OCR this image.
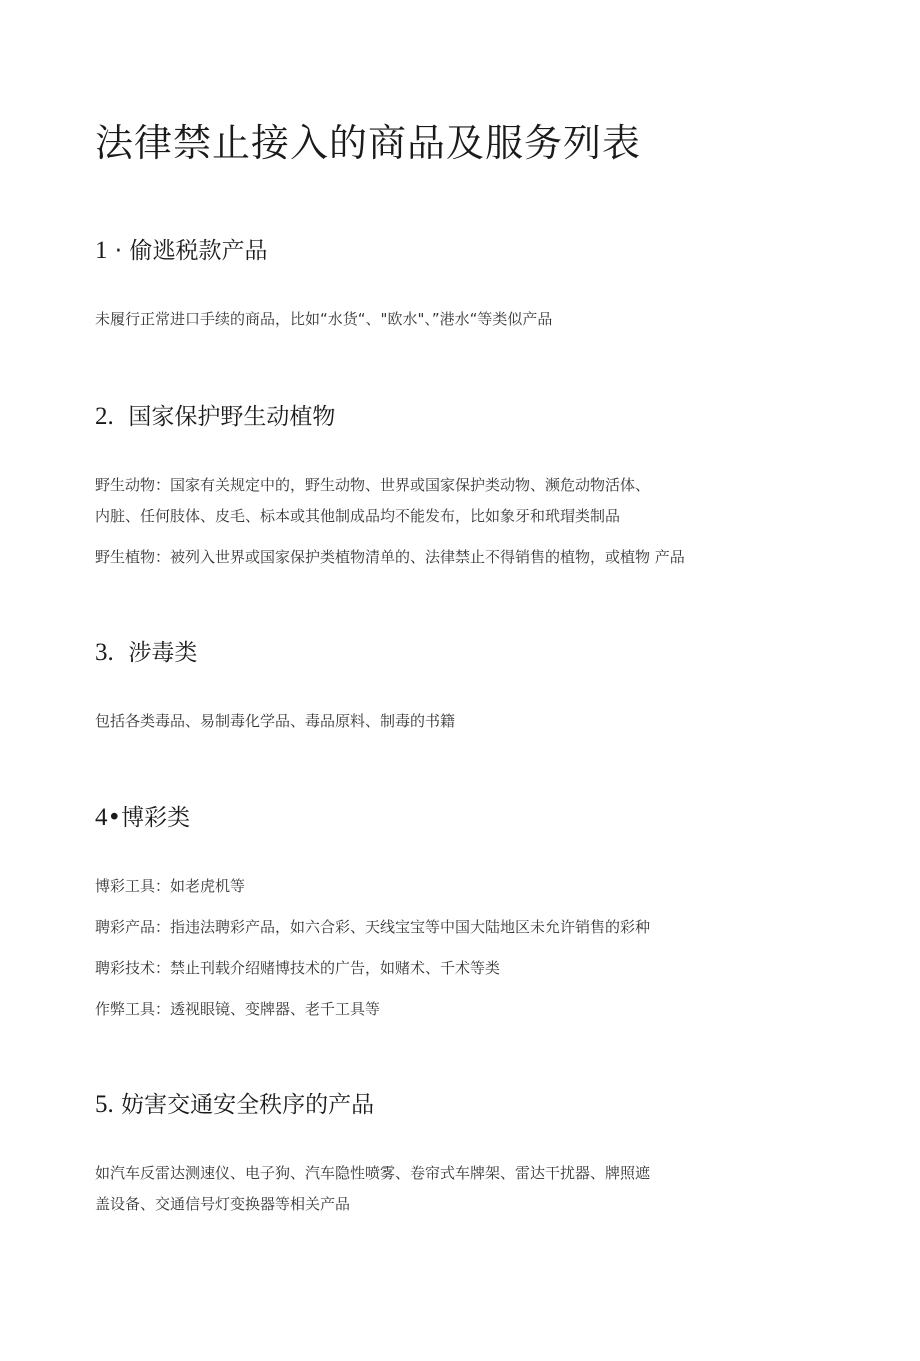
法律禁止接入的商品及服务列表
1 · 偷逃税款产品
未履行正常进口手续的商品，比如“水货“、"欧水"、”港水“等类似产品
2. 国家保护野生动植物
野生动物：国家有关规定中的，野生动物、世界或国家保护类动物、濒危动物活体、
内脏、任何肢体、皮毛、标本或其他制成品均不能发布，比如象牙和玳瑁类制品
野生植物：被列入世界或国家保护类植物清单的、法律禁止不得销售的植物，或植物 产品
3. 涉毒类
包括各类毒品、易制毒化学品、毒品原料、制毒的书籍
4•博彩类
博彩工具：如老虎机等
聘彩产品：指违法聘彩产品，如六合彩、天线宝宝等中国大陆地区未允许销售的彩种
聘彩技术：禁止刊载介绍赌博技术的广告，如赌术、千术等类
作弊工具：透视眼镜、变牌器、老千工具等
5. 妨害交通安全秩序的产品
如汽车反雷达测速仪、电子狗、汽车隐性喷雾、卷帘式车牌架、雷达干扰器、牌照遮
盖设备、交通信号灯变换器等相关产品
